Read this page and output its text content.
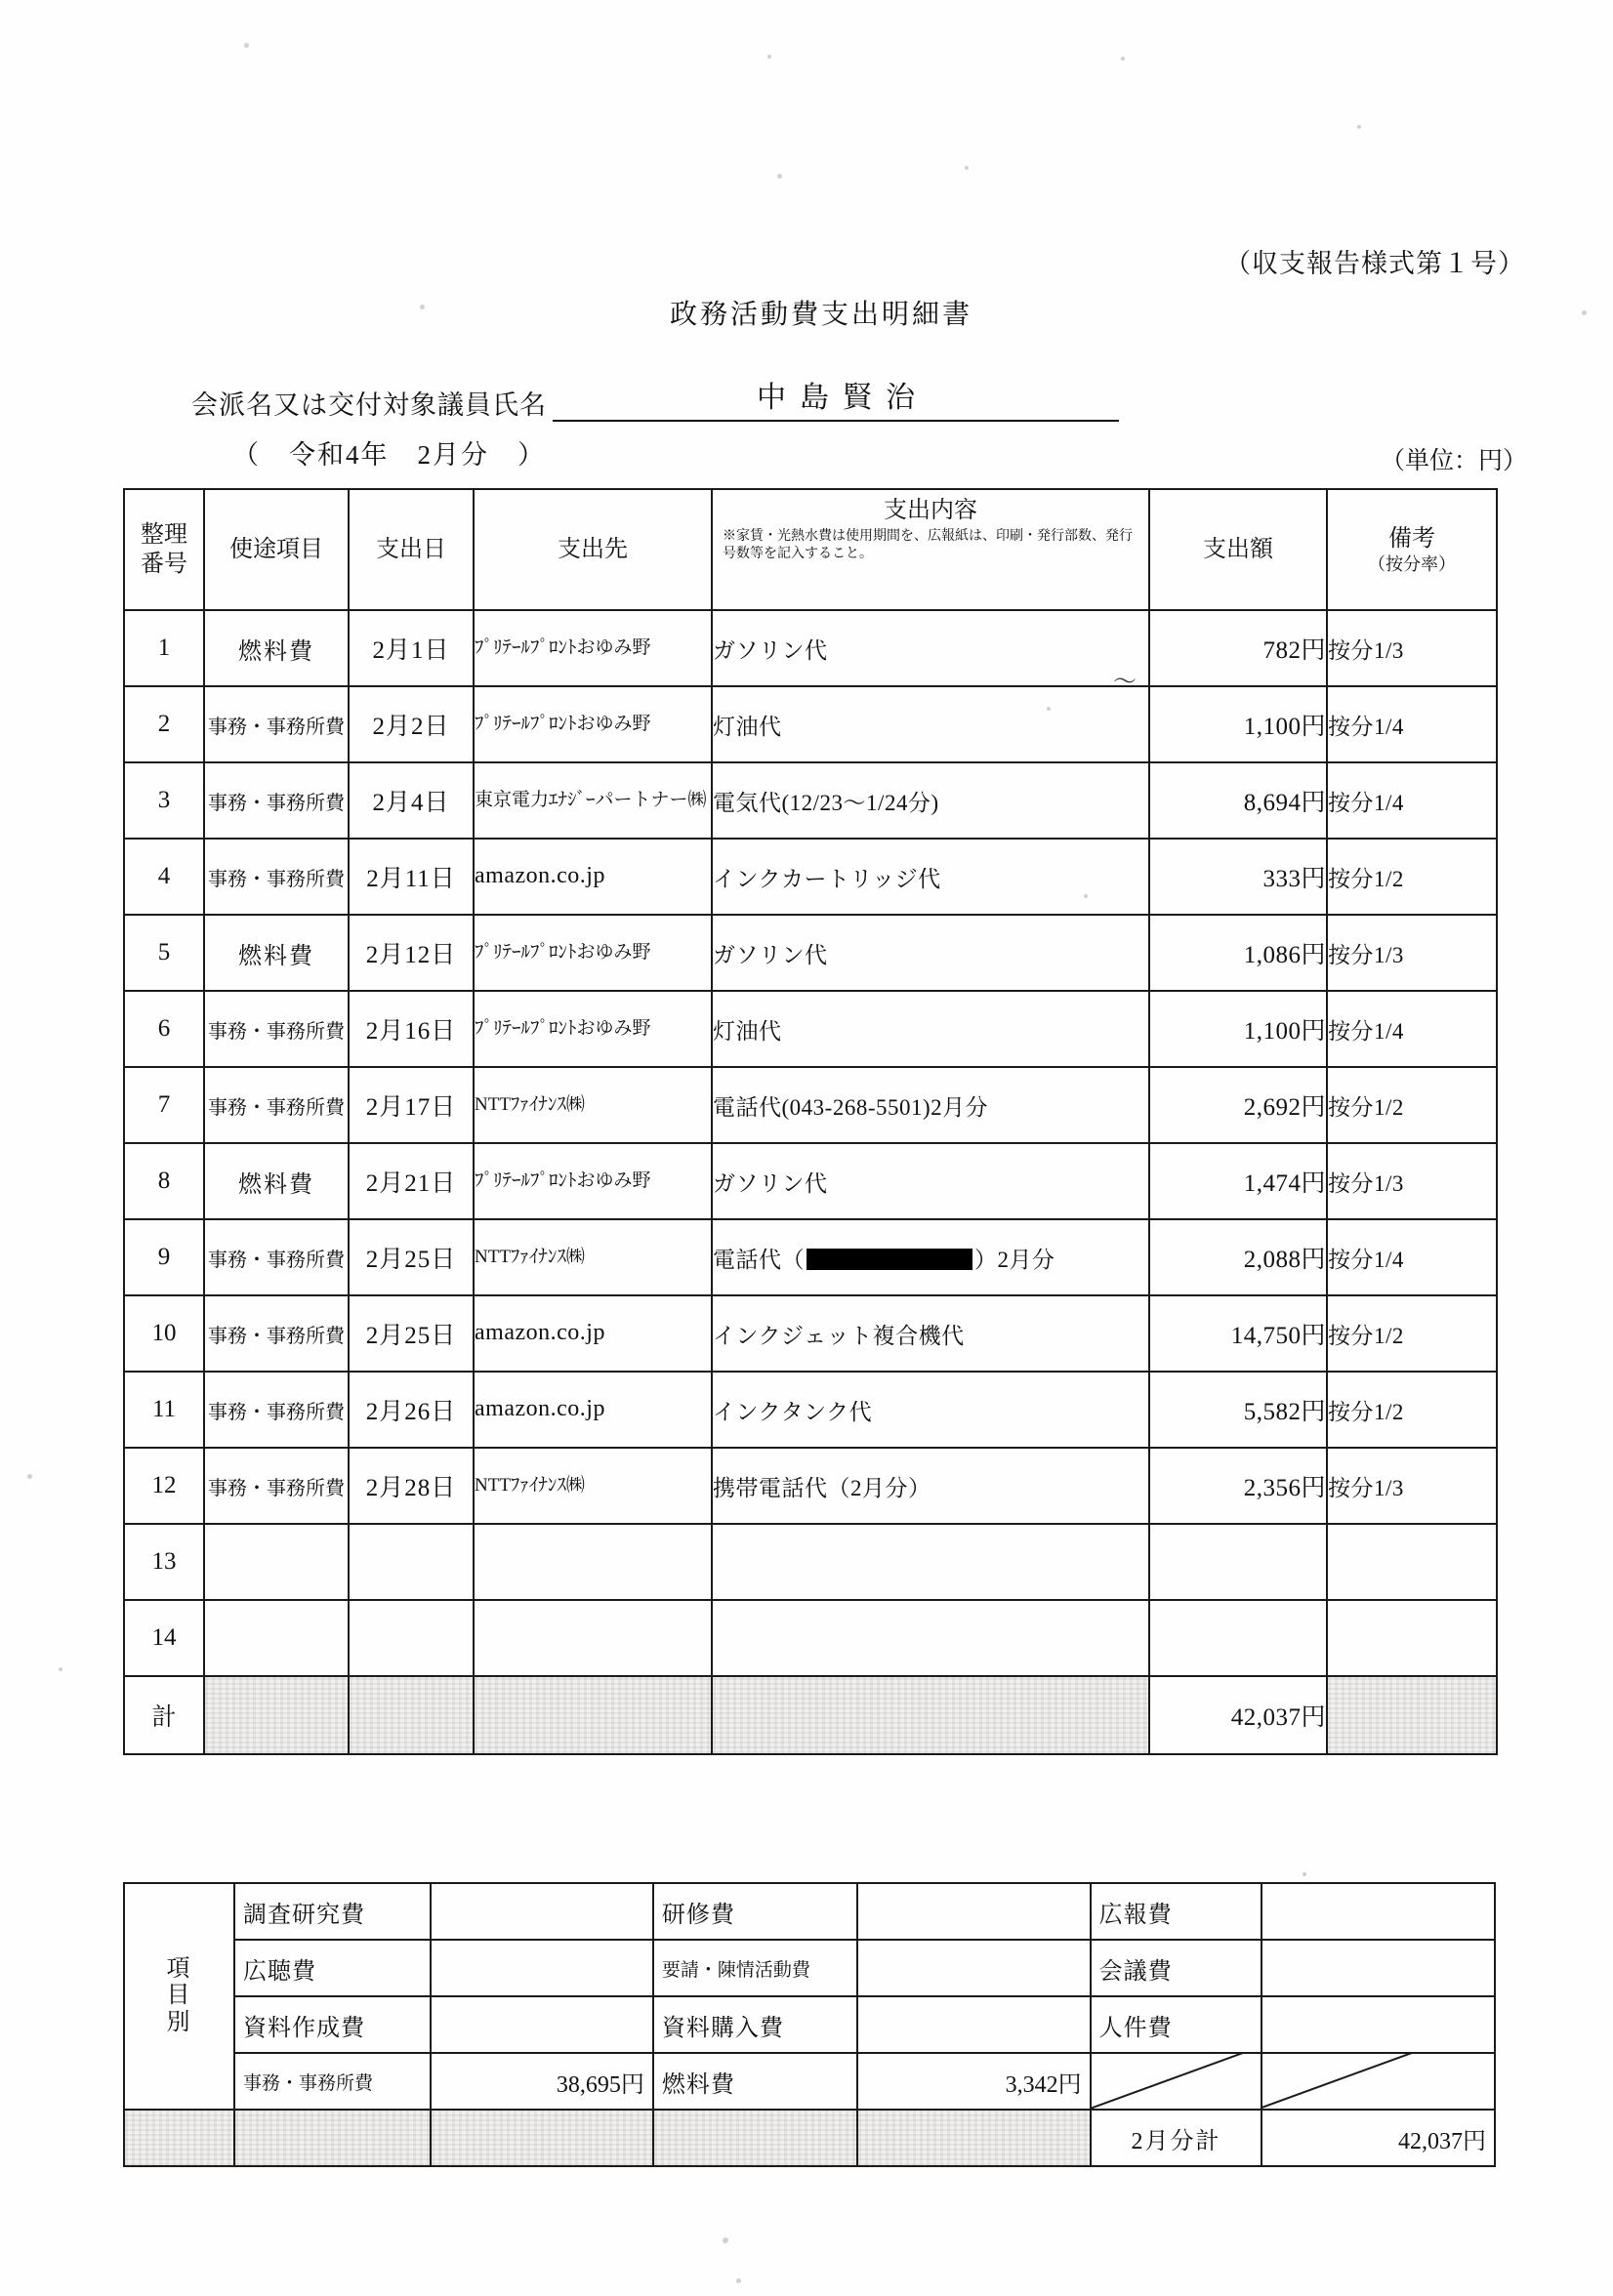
（収支報告様式第１号）
政務活動費支出明細書
会派名又は交付対象議員氏名	中島賢治
（　令和4年　2月分　）	（単位：円）
整理
番号	使途項目	支出日	支出先	支出内容
※家賃・光熱水費は使用期間を、広報紙は、印刷・発行部数、発行号数等を記入すること。	支出額	備考
（按分率）

1	燃料費	2月1日	ﾌﾟﾘﾃｰﾙﾌﾟﾛﾝﾄおゆみ野	ガソリン代	782円	按分1/3
2	事務・事務所費	2月2日	ﾌﾟﾘﾃｰﾙﾌﾟﾛﾝﾄおゆみ野	灯油代	1,100円	按分1/4
3	事務・事務所費	2月4日	東京電力ｴﾅｼﾞｰパートナー㈱	電気代(12/23〜1/24分)	8,694円	按分1/4
4	事務・事務所費	2月11日	amazon.co.jp	インクカートリッジ代	333円	按分1/2
5	燃料費	2月12日	ﾌﾟﾘﾃｰﾙﾌﾟﾛﾝﾄおゆみ野	ガソリン代	1,086円	按分1/3
6	事務・事務所費	2月16日	ﾌﾟﾘﾃｰﾙﾌﾟﾛﾝﾄおゆみ野	灯油代	1,100円	按分1/4
7	事務・事務所費	2月17日	NTTﾌｧｲﾅﾝｽ㈱	電話代(043-268-5501)2月分	2,692円	按分1/2
8	燃料費	2月21日	ﾌﾟﾘﾃｰﾙﾌﾟﾛﾝﾄおゆみ野	ガソリン代	1,474円	按分1/3
9	事務・事務所費	2月25日	NTTﾌｧｲﾅﾝｽ㈱	電話代（ ）2月分	2,088円	按分1/4
10	事務・事務所費	2月25日	amazon.co.jp	インクジェット複合機代	14,750円	按分1/2
11	事務・事務所費	2月26日	amazon.co.jp	インクタンク代	5,582円	按分1/2
12	事務・事務所費	2月28日	NTTﾌｧｲﾅﾝｽ㈱	携帯電話代（2月分）	2,356円	按分1/3
13						
14						
計					42,037円	
〜
項
目
別	調査研究費		研修費		広報費	
	広聴費		要請・陳情活動費		会議費	
	資料作成費		資料購入費		人件費	
	事務・事務所費	38,695円	燃料費	3,342円		
					2月分計	42,037円
